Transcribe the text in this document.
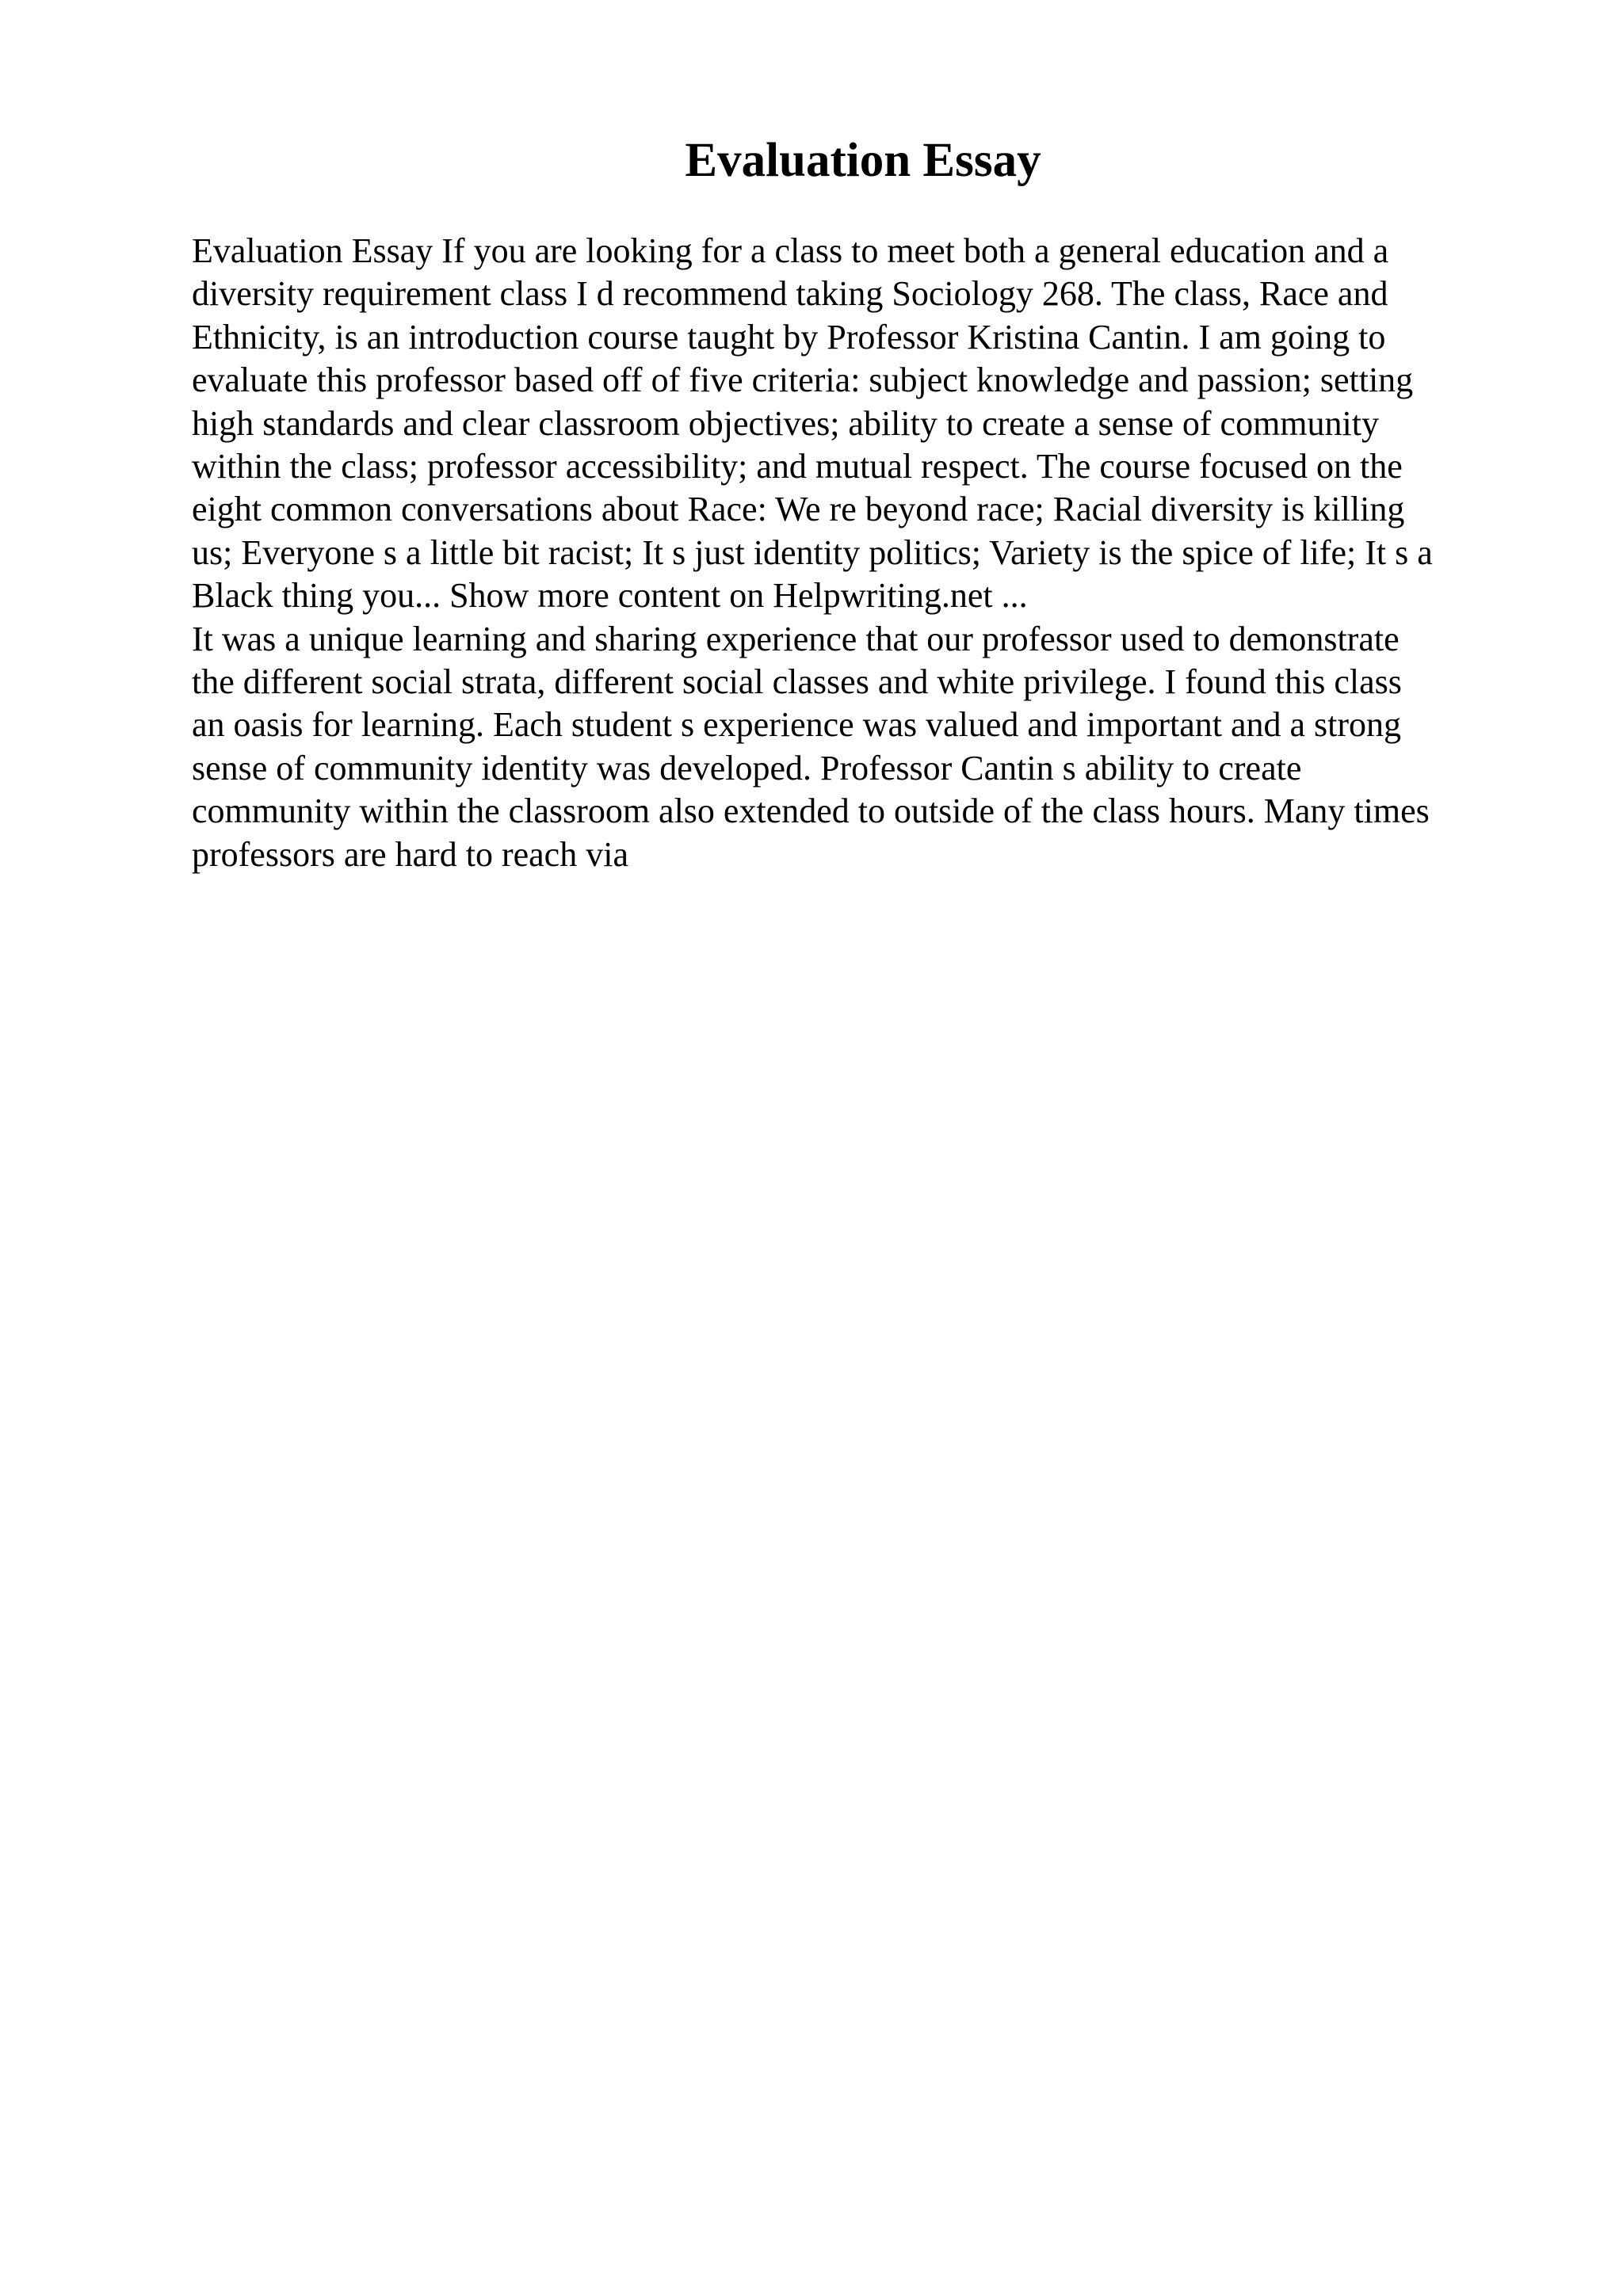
Evaluation Essay
Evaluation Essay If you are looking for a class to meet both a general education and a
diversity requirement class I d recommend taking Sociology 268. The class, Race and
Ethnicity, is an introduction course taught by Professor Kristina Cantin. I am going to
evaluate this professor based off of five criteria: subject knowledge and passion; setting
high standards and clear classroom objectives; ability to create a sense of community
within the class; professor accessibility; and mutual respect. The course focused on the
eight common conversations about Race: We re beyond race; Racial diversity is killing
us; Everyone s a little bit racist; It s just identity politics; Variety is the spice of life; It s a
Black thing you... Show more content on Helpwriting.net ...
It was a unique learning and sharing experience that our professor used to demonstrate
the different social strata, different social classes and white privilege. I found this class
an oasis for learning. Each student s experience was valued and important and a strong
sense of community identity was developed. Professor Cantin s ability to create
community within the classroom also extended to outside of the class hours. Many times
professors are hard to reach via
